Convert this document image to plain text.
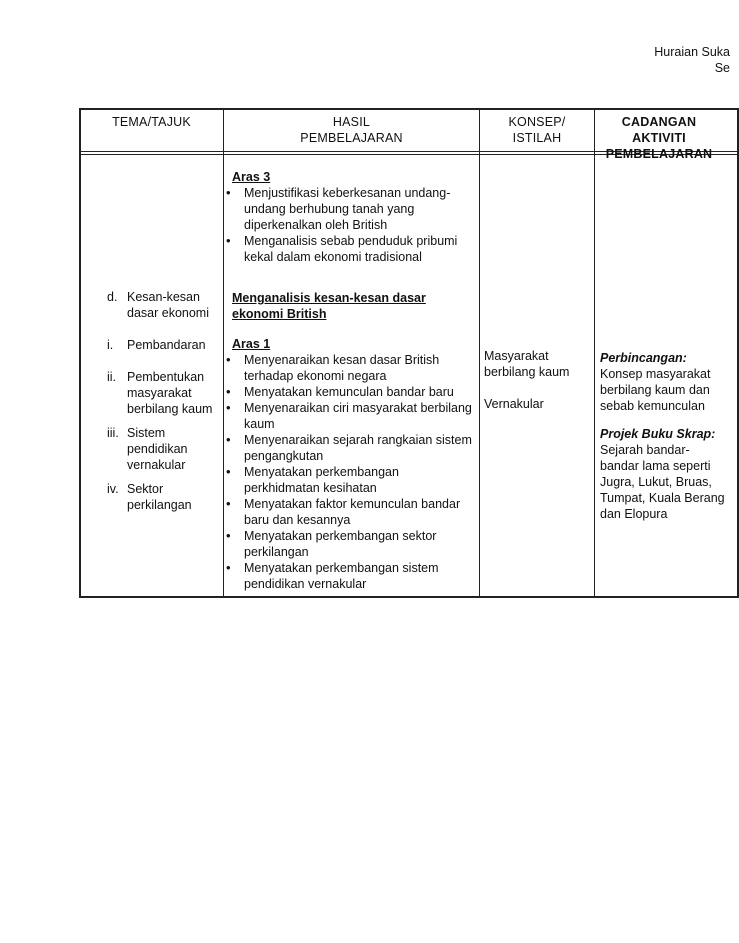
Huraian Suka
Se
TEMA/TAJUK	HASIL
PEMBELAJARAN
KONSEP/
ISTILAH
CADANGAN
AKTIVITI
PEMBELAJARAN
Aras 3
• Menjustifikasi keberkesanan undang-undang berhubung tanah yang diperkenalkan oleh British
• Menganalisis sebab penduduk pribumi kekal dalam ekonomi tradisional
d. Kesan-kesan dasar ekonomi
i. Pembandaran
ii. Pembentukan masyarakat berbilang kaum
iii. Sistem pendidikan vernakular
iv. Sektor perkilangan
Menganalisis kesan-kesan dasar ekonomi British
Aras 1
• Menyenaraikan kesan dasar British terhadap ekonomi negara
• Menyatakan kemunculan bandar baru
• Menyenaraikan ciri masyarakat berbilang kaum
• Menyenaraikan sejarah rangkaian sistem pengangkutan
• Menyatakan perkembangan perkhidmatan kesihatan
• Menyatakan faktor kemunculan bandar baru dan kesannya
• Menyatakan perkembangan sektor perkilangan
• Menyatakan perkembangan sistem pendidikan vernakular
Masyarakat berbilang kaum
Vernakular
Perbincangan:
Konsep masyarakat berbilang kaum dan sebab kemunculan
Projek Buku Skrap:
Sejarah bandar-bandar lama seperti Jugra, Lukut, Bruas, Tumpat, Kuala Berang dan Elopura
